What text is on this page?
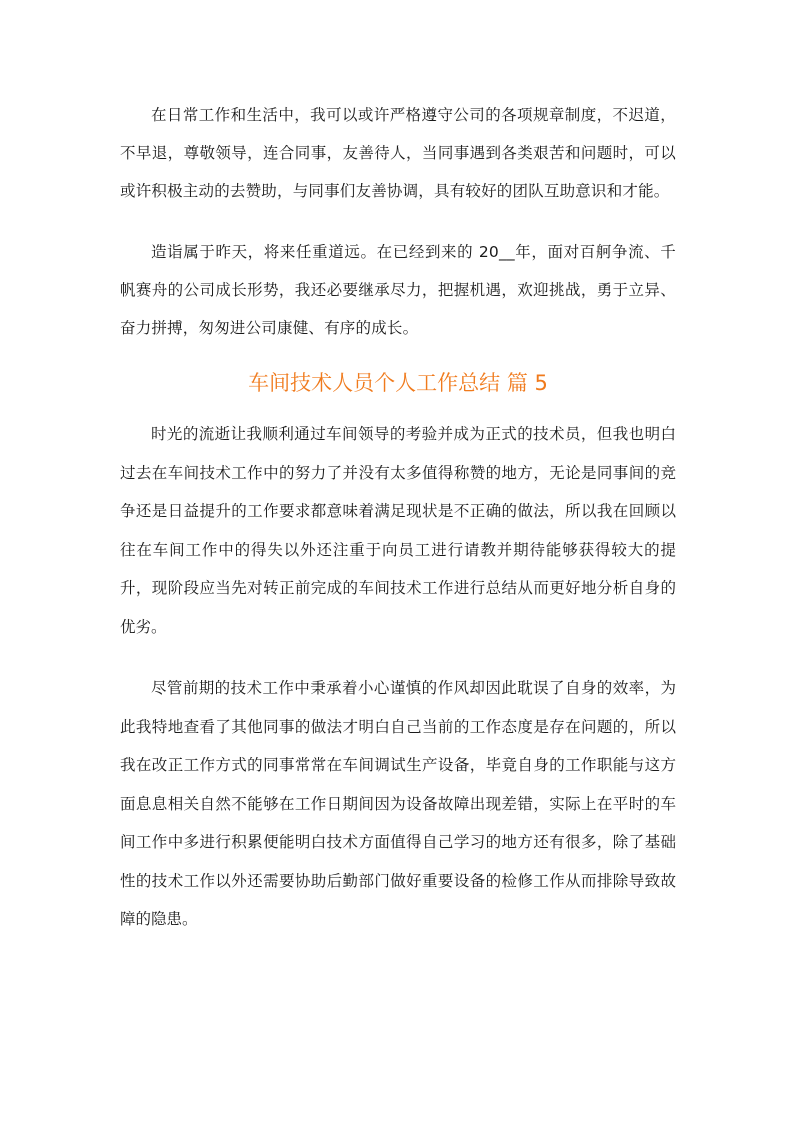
在日常工作和生活中，我可以或许严格遵守公司的各项规章制度，不迟道，不早退，尊敬领导，连合同事，友善待人，当同事遇到各类艰苦和问题时，可以或许积极主动的去赞助，与同事们友善协调，具有较好的团队互助意识和才能。

造诣属于昨天，将来任重道远。在已经到来的 20__年，面对百舸争流、千帆赛舟的公司成长形势，我还必要继承尽力，把握机遇，欢迎挑战，勇于立异、奋力拼搏，匆匆进公司康健、有序的成长。

车间技术人员个人工作总结 篇 5

时光的流逝让我顺利通过车间领导的考验并成为正式的技术员，但我也明白过去在车间技术工作中的努力了并没有太多值得称赞的地方，无论是同事间的竞争还是日益提升的工作要求都意味着满足现状是不正确的做法，所以我在回顾以往在车间工作中的得失以外还注重于向员工进行请教并期待能够获得较大的提升，现阶段应当先对转正前完成的车间技术工作进行总结从而更好地分析自身的优劣。

尽管前期的技术工作中秉承着小心谨慎的作风却因此耽误了自身的效率，为此我特地查看了其他同事的做法才明白自己当前的工作态度是存在问题的，所以我在改正工作方式的同事常常在车间调试生产设备，毕竟自身的工作职能与这方面息息相关自然不能够在工作日期间因为设备故障出现差错，实际上在平时的车间工作中多进行积累便能明白技术方面值得自己学习的地方还有很多，除了基础性的技术工作以外还需要协助后勤部门做好重要设备的检修工作从而排除导致故障的隐患。
